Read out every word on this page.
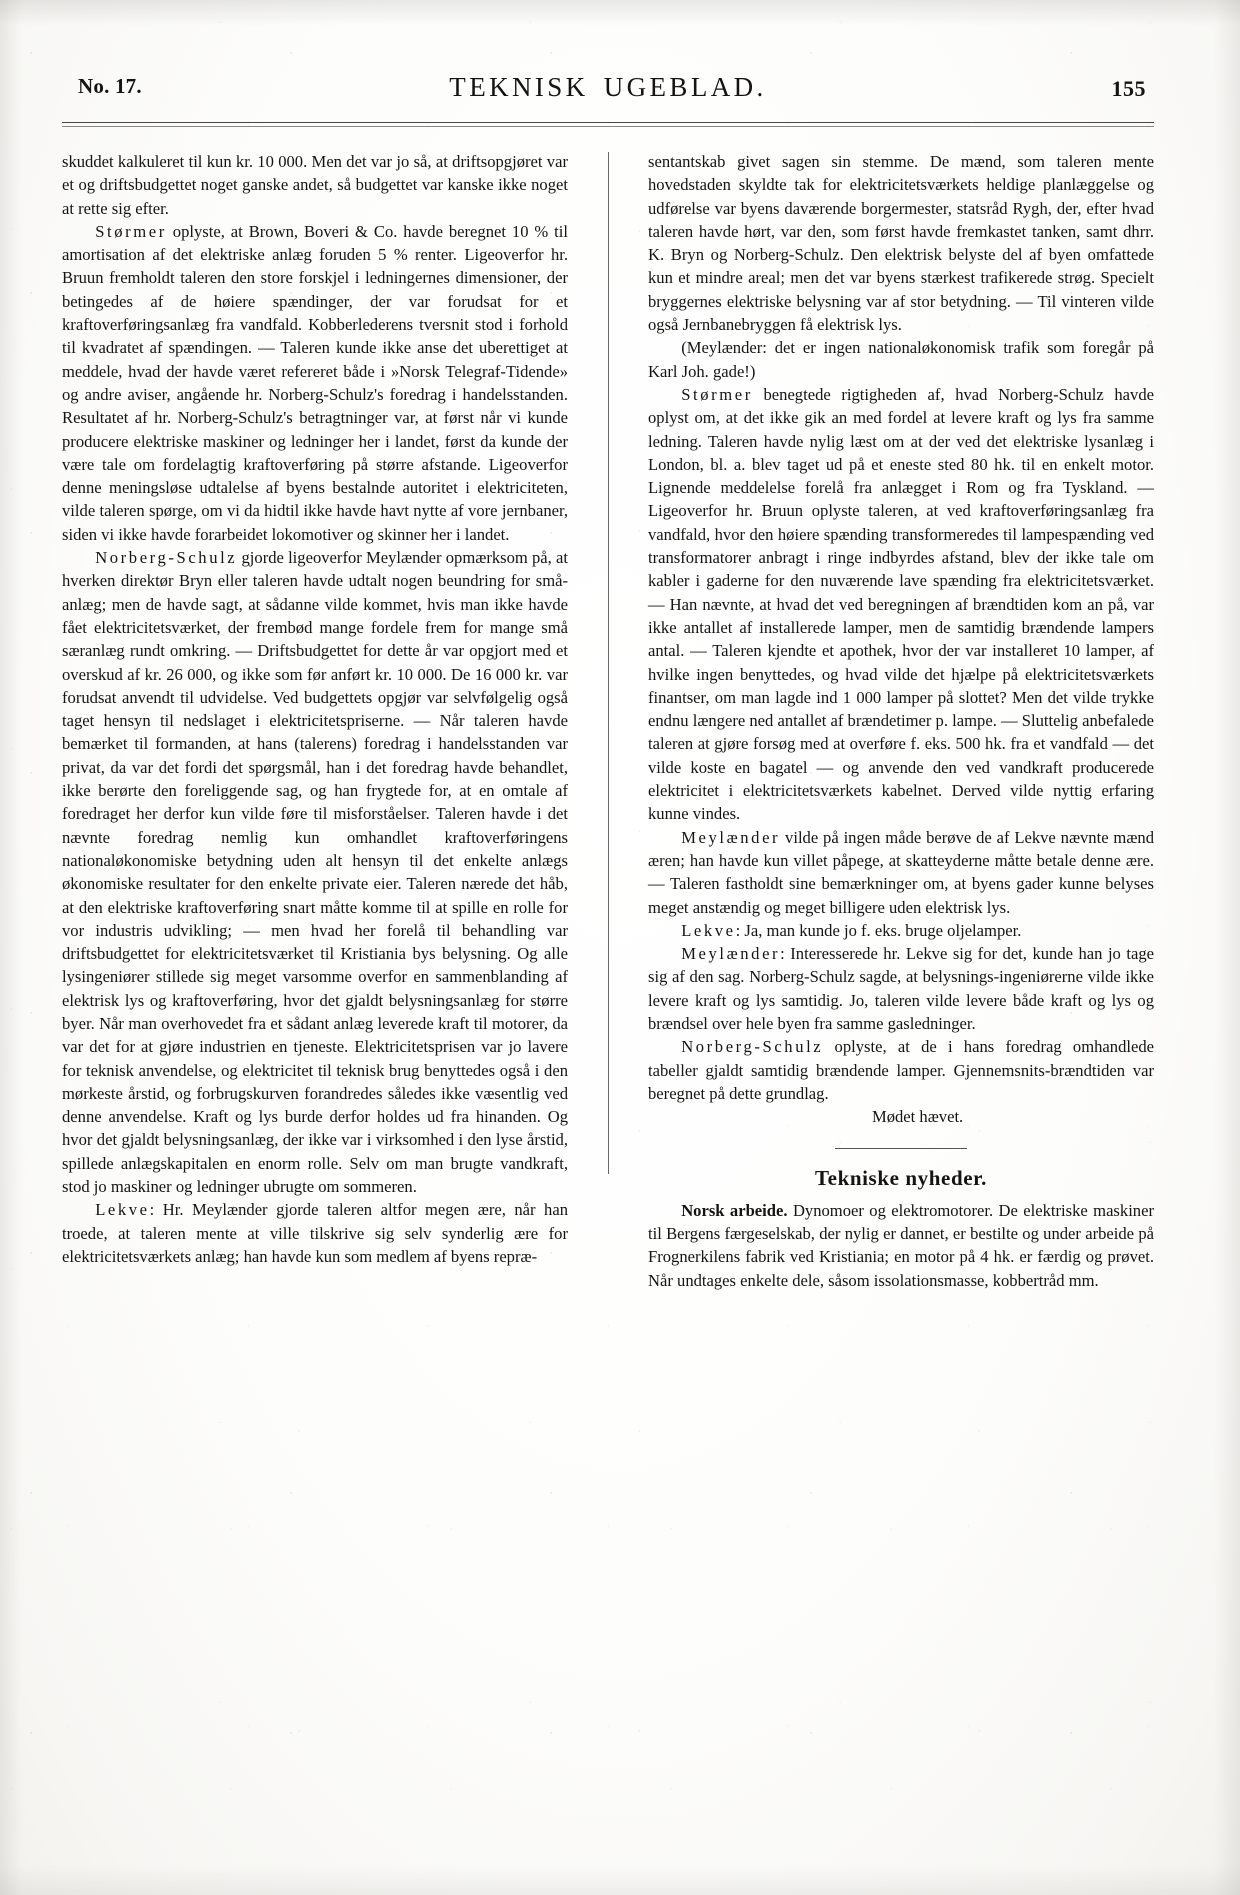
No. 17.	TEKNISK UGEBLAD.	155

skuddet kalkuleret til kun kr. 10 000. Men det var jo så, at driftsopgjøret var et og driftsbudgettet noget ganske andet, så budgettet var kanske ikke noget at rette sig efter.

Størmer oplyste, at Brown, Boveri & Co. havde beregnet 10 % til amortisation af det elektriske anlæg foruden 5 % renter. Ligeoverfor hr. Bruun fremholdt taleren den store forskjel i ledningernes dimensioner, der betingedes af de høiere spændinger, der var forudsat for et kraftoverføringsanlæg fra vandfald. Kobberlederens tversnit stod i forhold til kvadratet af spændingen. — Taleren kunde ikke anse det uberettiget at meddele, hvad der havde været refereret både i »Norsk Telegraf-Tidende» og andre aviser, angående hr. Norberg-Schulz's foredrag i handelsstanden. Resultatet af hr. Norberg-Schulz's betragtninger var, at først når vi kunde producere elektriske maskiner og ledninger her i landet, først da kunde der være tale om fordelagtig kraftoverføring på større afstande. Ligeoverfor denne meningsløse udtalelse af byens bestalnde autoritet i elektriciteten, vilde taleren spørge, om vi da hidtil ikke havde havt nytte af vore jernbaner, siden vi ikke havde forarbeidet lokomotiver og skinner her i landet.

Norberg-Schulz gjorde ligeoverfor Meylænder opmærksom på, at hverken direktør Bryn eller taleren havde udtalt nogen beundring for små-anlæg; men de havde sagt, at sådanne vilde kommet, hvis man ikke havde fået elektricitetsværket, der frembød mange fordele frem for mange små særanlæg rundt omkring. — Driftsbudgettet for dette år var opgjort med et overskud af kr. 26 000, og ikke som før anført kr. 10 000. De 16 000 kr. var forudsat anvendt til udvidelse. Ved budgettets opgjør var selvfølgelig også taget hensyn til nedslaget i elektricitetspriserne. — Når taleren havde bemærket til formanden, at hans (talerens) foredrag i handelsstanden var privat, da var det fordi det spørgsmål, han i det foredrag havde behandlet, ikke berørte den foreliggende sag, og han frygtede for, at en omtale af foredraget her derfor kun vilde føre til misforståelser. Taleren havde i det nævnte foredrag nemlig kun omhandlet kraftoverføringens nationaløkonomiske betydning uden alt hensyn til det enkelte anlægs økonomiske resultater for den enkelte private eier. Taleren nærede det håb, at den elektriske kraftoverføring snart måtte komme til at spille en rolle for vor industris udvikling; — men hvad her forelå til behandling var driftsbudgettet for elektricitetsværket til Kristiania bys belysning. Og alle lysingeniører stillede sig meget varsomme overfor en sammenblanding af elektrisk lys og kraftoverføring, hvor det gjaldt belysningsanlæg for større byer. Når man overhovedet fra et sådant anlæg leverede kraft til motorer, da var det for at gjøre industrien en tjeneste. Elektricitetsprisen var jo lavere for teknisk anvendelse, og elektricitet til teknisk brug benyttedes også i den mørkeste årstid, og forbrugskurven forandredes således ikke væsentlig ved denne anvendelse. Kraft og lys burde derfor holdes ud fra hinanden. Og hvor det gjaldt belysningsanlæg, der ikke var i virksomhed i den lyse årstid, spillede anlægskapitalen en enorm rolle. Selv om man brugte vandkraft, stod jo maskiner og ledninger ubrugte om sommeren.

Lekve: Hr. Meylænder gjorde taleren altfor megen ære, når han troede, at taleren mente at ville tilskrive sig selv synderlig ære for elektricitetsværkets anlæg; han havde kun som medlem af byens repræ-

sentantskab givet sagen sin stemme. De mænd, som taleren mente hovedstaden skyldte tak for elektricitetsværkets heldige planlæggelse og udførelse var byens daværende borgermester, statsråd Rygh, der, efter hvad taleren havde hørt, var den, som først havde fremkastet tanken, samt dhrr. K. Bryn og Norberg-Schulz. Den elektrisk belyste del af byen omfattede kun et mindre areal; men det var byens stærkest trafikerede strøg. Specielt bryggernes elektriske belysning var af stor betydning. — Til vinteren vilde også Jernbanebryggen få elektrisk lys.

(Meylænder: det er ingen nationaløkonomisk trafik som foregår på Karl Joh. gade!)

Størmer benegtede rigtigheden af, hvad Norberg-Schulz havde oplyst om, at det ikke gik an med fordel at levere kraft og lys fra samme ledning. Taleren havde nylig læst om at der ved det elektriske lysanlæg i London, bl. a. blev taget ud på et eneste sted 80 hk. til en enkelt motor. Lignende meddelelse forelå fra anlægget i Rom og fra Tyskland. — Ligeoverfor hr. Bruun oplyste taleren, at ved kraftoverføringsanlæg fra vandfald, hvor den høiere spænding transformeredes til lampespænding ved transformatorer anbragt i ringe indbyrdes afstand, blev der ikke tale om kabler i gaderne for den nuværende lave spænding fra elektricitetsværket. — Han nævnte, at hvad det ved beregningen af brændtiden kom an på, var ikke antallet af installerede lamper, men de samtidig brændende lampers antal. — Taleren kjendte et apothek, hvor der var installeret 10 lamper, af hvilke ingen benyttedes, og hvad vilde det hjælpe på elektricitetsværkets finantser, om man lagde ind 1 000 lamper på slottet? Men det vilde trykke endnu længere ned antallet af brændetimer p. lampe. — Sluttelig anbefalede taleren at gjøre forsøg med at overføre f. eks. 500 hk. fra et vandfald — det vilde koste en bagatel — og anvende den ved vandkraft producerede elektricitet i elektricitetsværkets kabelnet. Derved vilde nyttig erfaring kunne vindes.

Meylænder vilde på ingen måde berøve de af Lekve nævnte mænd æren; han havde kun villet påpege, at skatteyderne måtte betale denne ære. — Taleren fastholdt sine bemærkninger om, at byens gader kunne belyses meget anstændig og meget billigere uden elektrisk lys.

Lekve: Ja, man kunde jo f. eks. bruge oljelamper.

Meylænder: Interesserede hr. Lekve sig for det, kunde han jo tage sig af den sag. Norberg-Schulz sagde, at belysnings-ingeniørerne vilde ikke levere kraft og lys samtidig. Jo, taleren vilde levere både kraft og lys og brændsel over hele byen fra samme gasledninger.

Norberg-Schulz oplyste, at de i hans foredrag omhandlede tabeller gjaldt samtidig brændende lamper. Gjennemsnits-brændtiden var beregnet på dette grundlag.

Mødet hævet.

Tekniske nyheder.

Norsk arbeide. Dynomoer og elektromotorer. De elektriske maskiner til Bergens færgeselskab, der nylig er dannet, er bestilte og under arbeide på Frognerkilens fabrik ved Kristiania; en motor på 4 hk. er færdig og prøvet. Når undtages enkelte dele, såsom issolationsmasse, kobbertråd mm.
